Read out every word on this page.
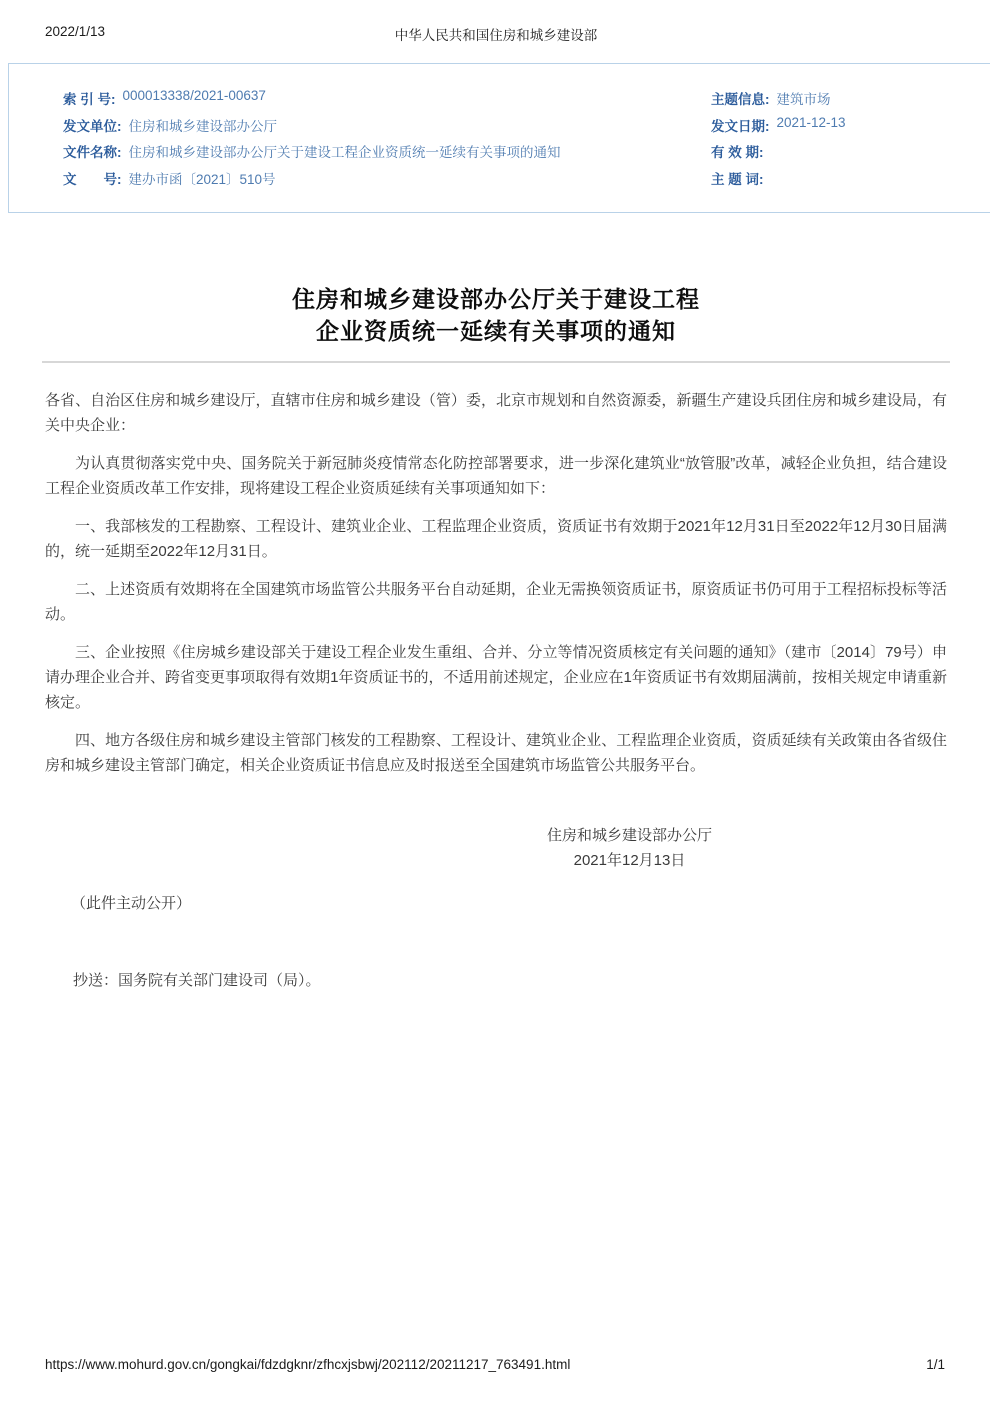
2022/1/13	中华人民共和国住房和城乡建设部
索 引 号: 000013338/2021-00637
发文单位: 住房和城乡建设部办公厅
文件名称: 住房和城乡建设部办公厅关于建设工程企业资质统一延续有关事项的通知
文　　号: 建办市函〔2021〕510号
主题信息: 建筑市场
发文日期: 2021-12-13
有 效 期:
主 题 词:
住房和城乡建设部办公厅关于建设工程
企业资质统一延续有关事项的通知

各省、自治区住房和城乡建设厅，直辖市住房和城乡建设（管）委，北京市规划和自然资源委，新疆生产建设兵团住房和城乡建设局，有关中央企业：

为认真贯彻落实党中央、国务院关于新冠肺炎疫情常态化防控部署要求，进一步深化建筑业“放管服”改革，减轻企业负担，结合建设工程企业资质改革工作安排，现将建设工程企业资质延续有关事项通知如下：

一、我部核发的工程勘察、工程设计、建筑业企业、工程监理企业资质，资质证书有效期于2021年12月31日至2022年12月30日届满的，统一延期至2022年12月31日。

二、上述资质有效期将在全国建筑市场监管公共服务平台自动延期，企业无需换领资质证书，原资质证书仍可用于工程招标投标等活动。

三、企业按照《住房城乡建设部关于建设工程企业发生重组、合并、分立等情况资质核定有关问题的通知》（建市〔2014〕79号）申请办理企业合并、跨省变更事项取得有效期1年资质证书的，不适用前述规定，企业应在1年资质证书有效期届满前，按相关规定申请重新核定。

四、地方各级住房和城乡建设主管部门核发的工程勘察、工程设计、建筑业企业、工程监理企业资质，资质延续有关政策由各省级住房和城乡建设主管部门确定，相关企业资质证书信息应及时报送至全国建筑市场监管公共服务平台。

住房和城乡建设部办公厅
2021年12月13日

（此件主动公开）

抄送：国务院有关部门建设司（局）。

https://www.mohurd.gov.cn/gongkai/fdzdgknr/zfhcxjsbwj/202112/20211217_763491.html	1/1
